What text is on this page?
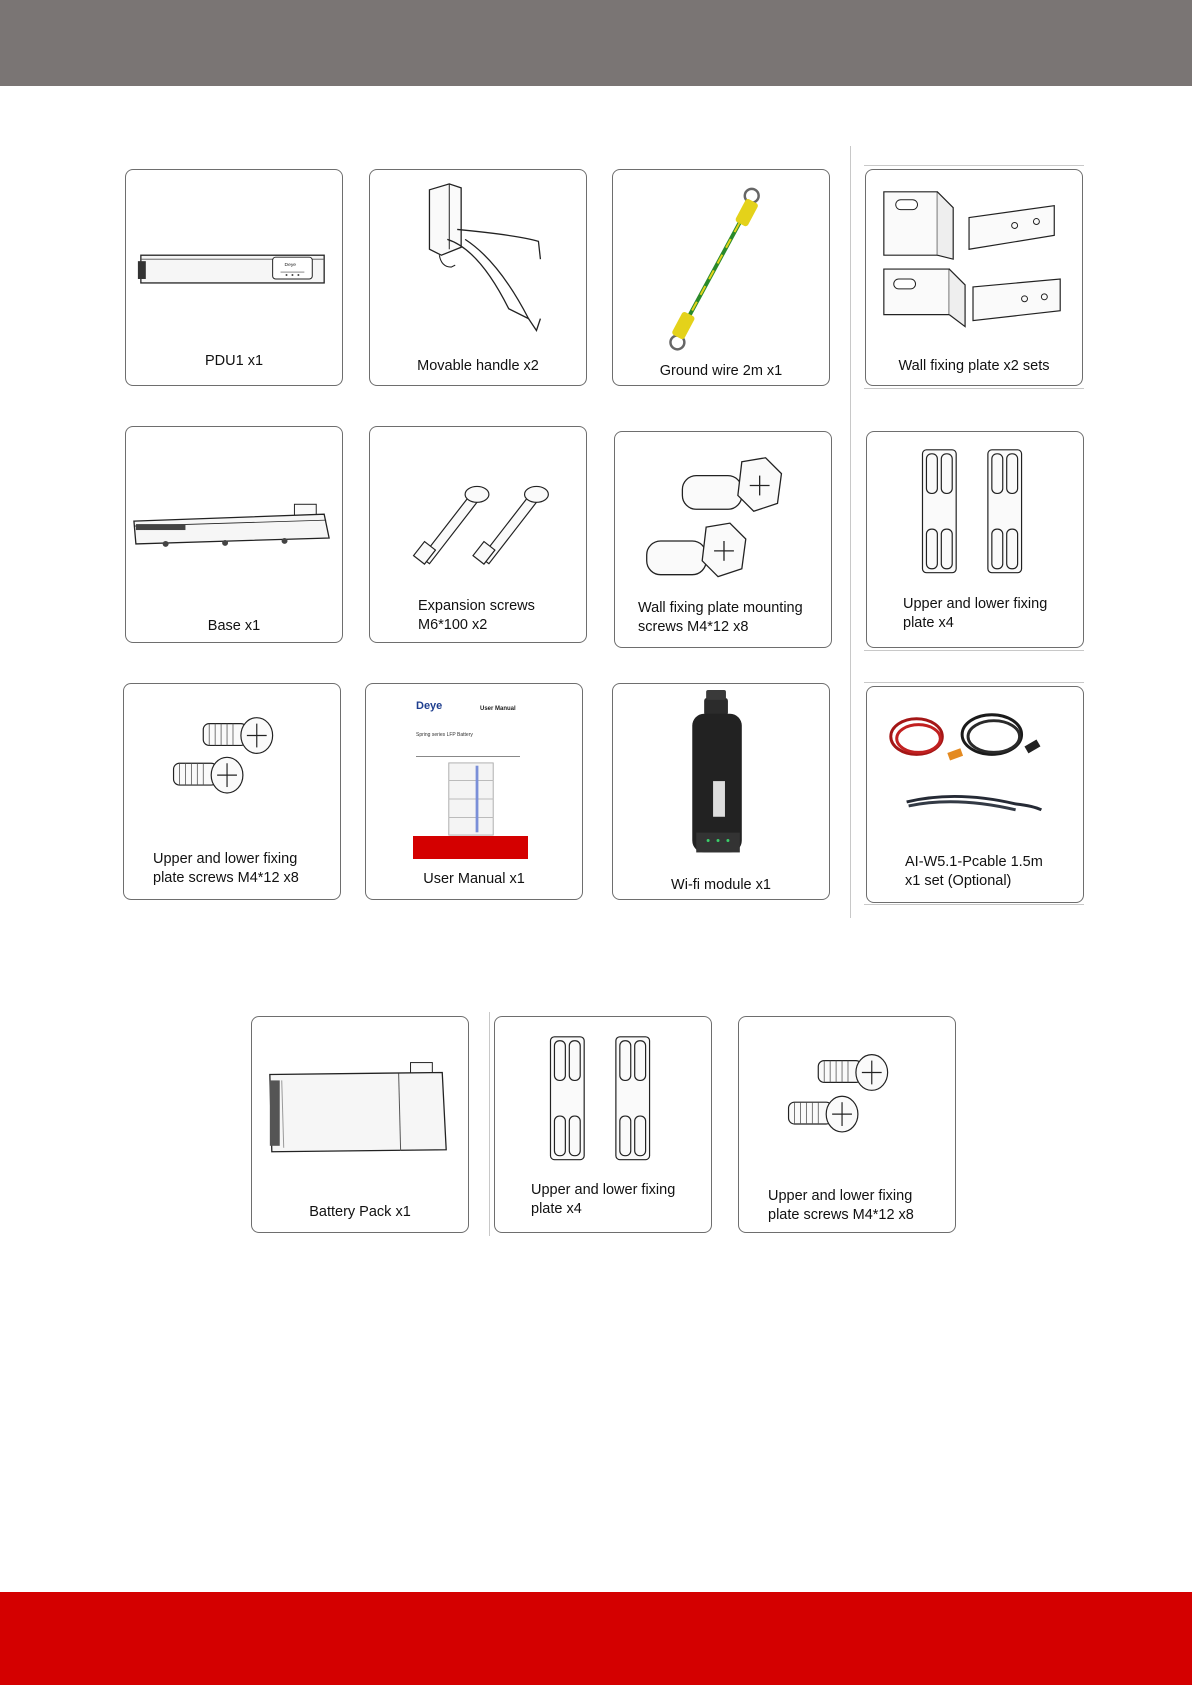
Deye
PDU1 x1	Movable handle x2	Ground wire 2m x1	Wall fixing plate x2 sets
Base x1
Expansion screws
M6*100 x2
Wall fixing plate mounting
screws M4*12 x8
Upper and lower fixing
plate x4
Upper and lower fixing
plate screws M4*12 x8
Deye	User Manual
Spring series LFP Battery
User Manual x1	Wi-fi module x1
AI-W5.1-Pcable 1.5m
x1 set (Optional)
Battery Pack x1
Upper and lower fixing
plate x4
Upper and lower fixing
plate screws M4*12 x8
